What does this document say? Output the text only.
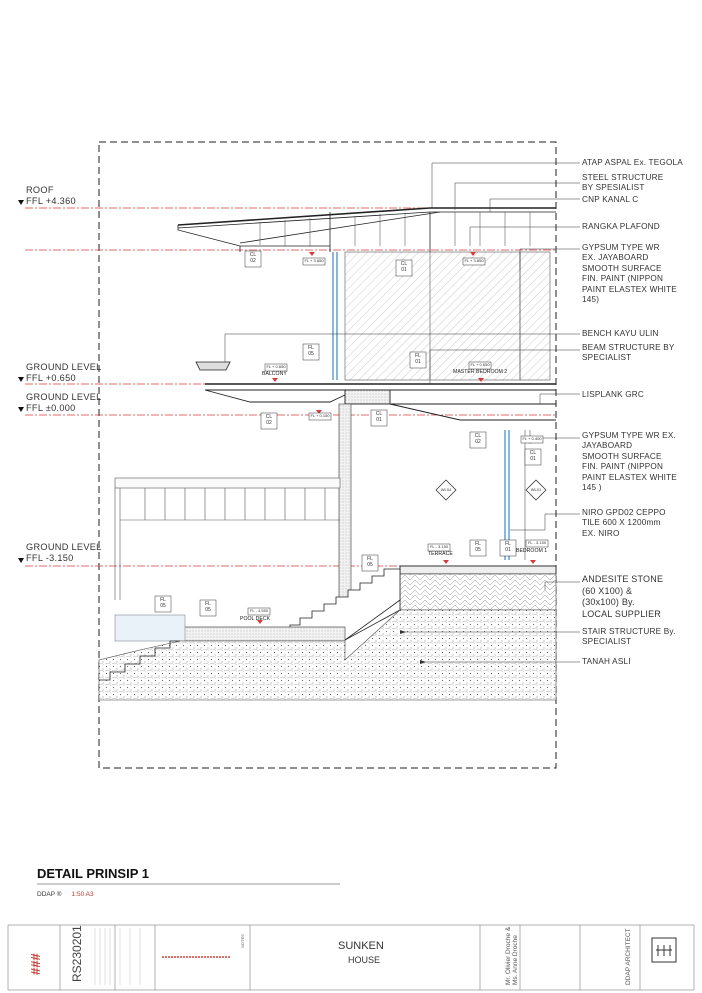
ROOF
FFL +4.360
GROUND LEVEL
FFL +0.650
GROUND LEVEL
FFL ±0.000
GROUND LEVEL
FFL -3.150
ATAP ASPAL Ex. TEGOLA
STEEL STRUCTURE
BY SPESIALIST
CNP KANAL C
RANGKA PLAFOND
GYPSUM TYPE WR
EX. JAYABOARD
SMOOTH SURFACE
FIN. PAINT (NIPPON
PAINT ELASTEX WHITE
145)
BENCH KAYU ULIN
BEAM STRUCTURE BY
SPECIALIST
LISPLANK GRC
GYPSUM TYPE WR EX.
JAYABOARD
SMOOTH SURFACE
FIN. PAINT (NIPPON
PAINT ELASTEX WHITE
145 )
NIRO GPD02 CEPPO
TILE 600 X 1200mm
EX. NIRO
ANDESITE STONE
(60 X100) &
(30x100) By.
LOCAL SUPPLIER
STAIR STRUCTURE By.
SPECIALIST
TANAH ASLI
BALCONY	MASTER BEDROOM 2
TERRACE	BEDROOM 1
POOL DECK
CL
02	CL
01
FL
05	FL
01
CL
02
CL
01
CL
02
CL
01
FL
05
FL
01
FL
05
FL
05	FL
05
FL + 3.850	FL + 3.850
FL + 0.650	FL + 0.650
FL + 0.150
FL + 0.400
FL - 3.150
FL - 3.150
FL - 4.550
WL04	WL01
DETAIL PRINSIP 1
DDAP ® 1:50 A3
SUNKEN
HOUSE
RS230201
###
Mr. Olivier Droche &
Ms. Anne Droche	DDAP ARCHITECT
NOTES
